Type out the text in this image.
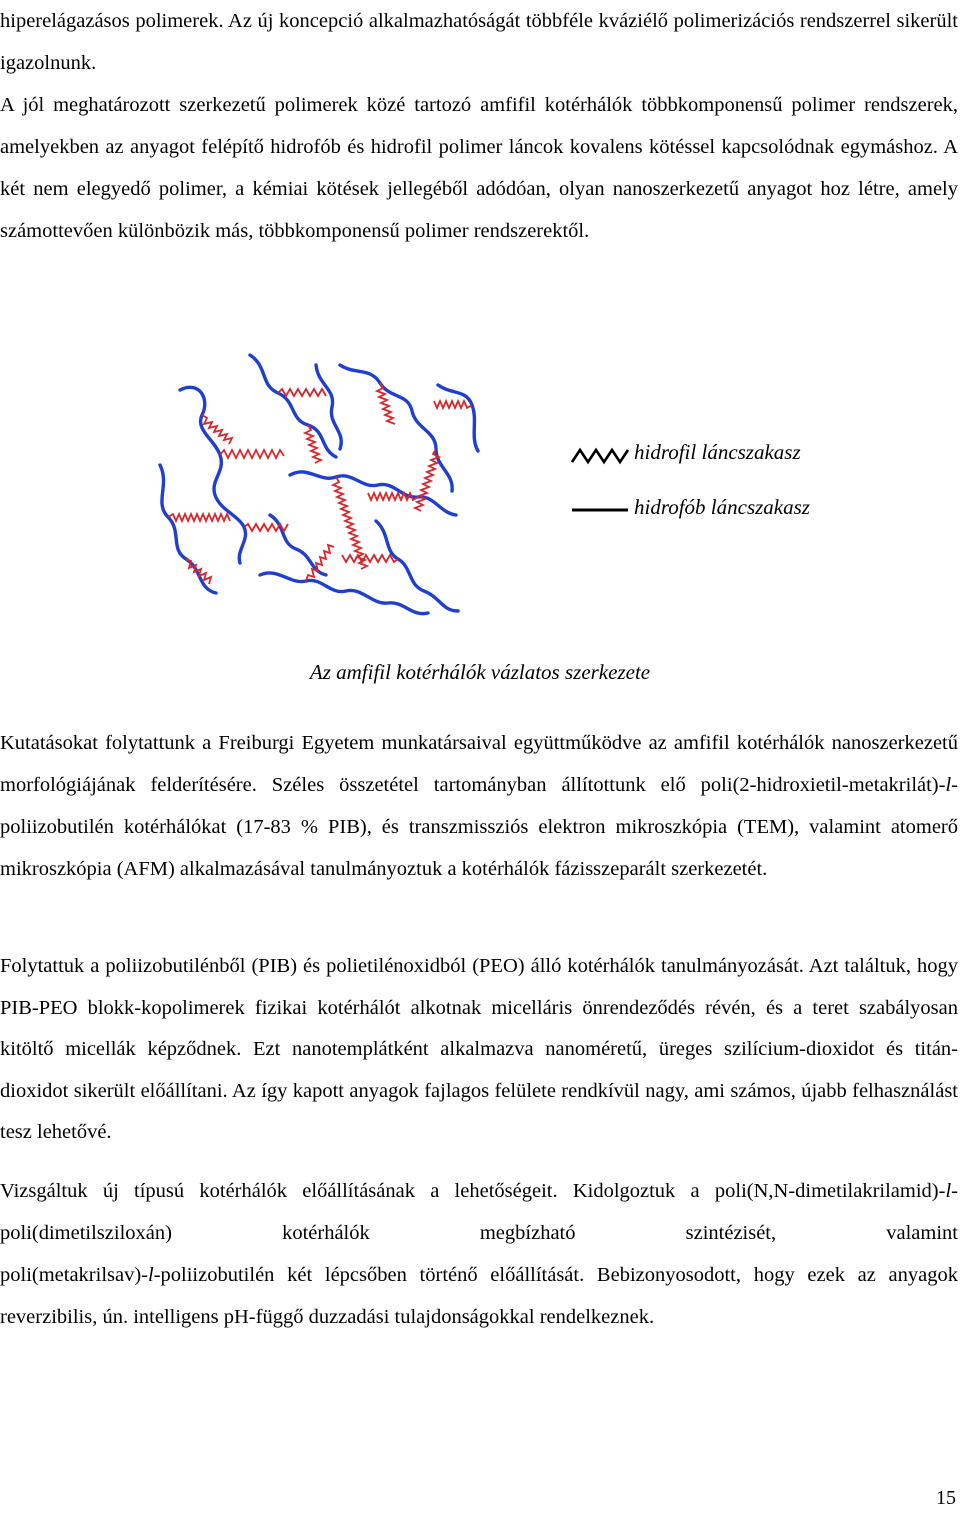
hiperelágazásos polimerek. Az új koncepció alkalmazhatóságát többféle kváziélő polimerizációs rendszerrel sikerült igazolnunk.

A jól meghatározott szerkezetű polimerek közé tartozó amfifil kotérhálók többkomponensű polimer rendszerek, amelyekben az anyagot felépítő hidrofób és hidrofil polimer láncok kovalens kötéssel kapcsolódnak egymáshoz. A két nem elegyedő polimer, a kémiai kötések jellegéből adódóan, olyan nanoszerkezetű anyagot hoz létre, amely számottevően különbözik más, többkomponensű polimer rendszerektől.

hidrofil láncszakasz
hidrofób láncszakasz
Az amfifil kotérhálók vázlatos szerkezete

Kutatásokat folytattunk a Freiburgi Egyetem munkatársaival együttműködve az amfifil kotérhálók nanoszerkezetű morfológiájának felderítésére. Széles összetétel tartományban állítottunk elő poli(2-hidroxietil-metakrilát)-l-poliizobutilén kotérhálókat (17-83 % PIB), és transzmissziós elektron mikroszkópia (TEM), valamint atomerő mikroszkópia (AFM) alkalmazásával tanulmányoztuk a kotérhálók fázisszeparált szerkezetét.

Folytattuk a poliizobutilénből (PIB) és polietilénoxidból (PEO) álló kotérhálók tanulmányozását. Azt találtuk, hogy PIB-PEO blokk-kopolimerek fizikai kotérhálót alkotnak micelláris önrendeződés révén, és a teret szabályosan kitöltő micellák képződnek. Ezt nanotemplátként alkalmazva nanoméretű, üreges szilícium-dioxidot és titán-dioxidot sikerült előállítani. Az így kapott anyagok fajlagos felülete rendkívül nagy, ami számos, újabb felhasználást tesz lehetővé.

Vizsgáltuk új típusú kotérhálók előállításának a lehetőségeit. Kidolgoztuk a poli(N,N-dimetilakrilamid)-l-poli(dimetilsziloxán) kotérhálók megbízható szintézisét, valamint
poli(metakrilsav)-l-poliizobutilén két lépcsőben történő előállítását. Bebizonyosodott, hogy ezek az anyagok reverzibilis, ún. intelligens pH-függő duzzadási tulajdonságokkal rendelkeznek.

15
